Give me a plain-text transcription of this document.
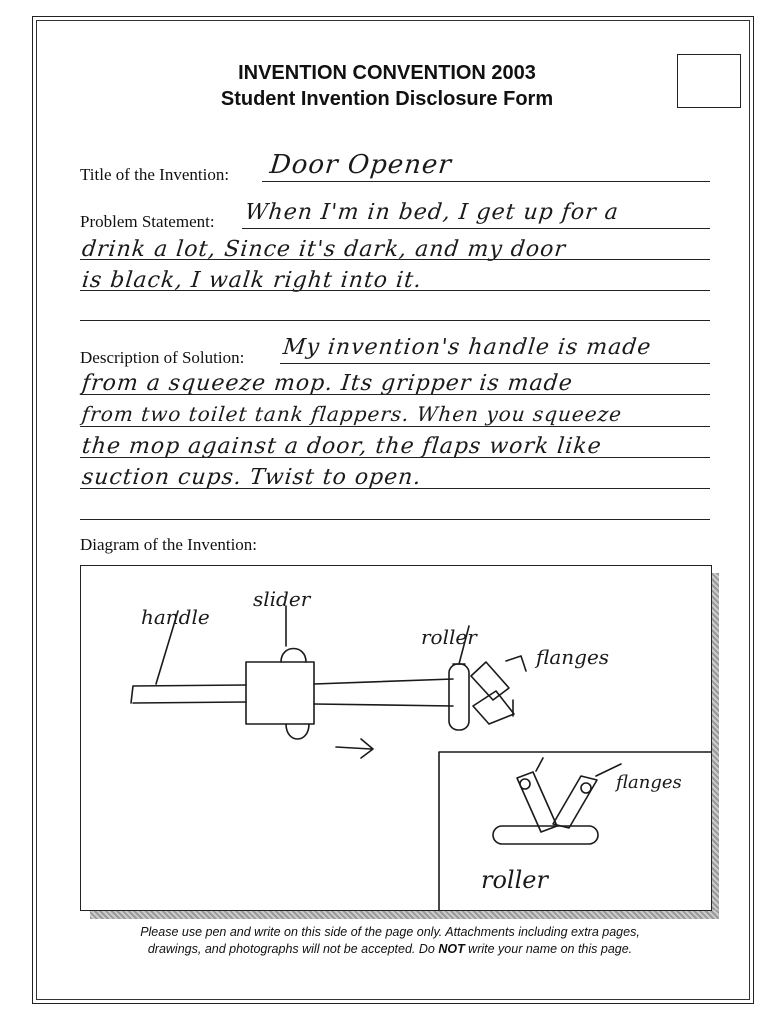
INVENTION CONVENTION 2003
Student Invention Disclosure Form
Title of the Invention: Door Opener
Problem Statement: When I'm in bed, I get up for a
drink a lot, Since it's dark, and my door
is black, I walk right into it.
Description of Solution: My invention's handle is made
from a squeeze mop. Its gripper is made
from two toilet tank flappers. When you squeeze
the mop against a door, the flaps work like
suction cups. Twist to open.
Diagram of the Invention:
handle
slider
roller
flanges
flanges
roller
Please use pen and write on this side of the page only. Attachments including extra pages,
drawings, and photographs will not be accepted. Do NOT write your name on this page.
